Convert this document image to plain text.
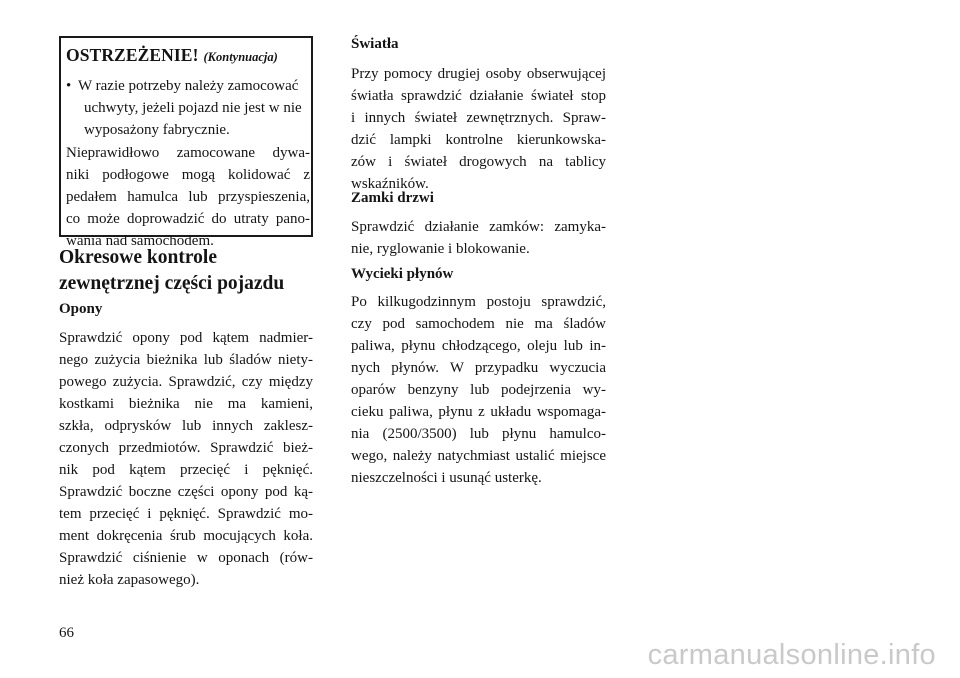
OSTRZEŻENIE! (Kontynuacja)
• W razie potrzeby należy zamocować
uchwyty, jeżeli pojazd nie jest w nie
wyposażony fabrycznie.
Nieprawidłowo zamocowane dywa-
niki podłogowe mogą kolidować z
pedałem hamulca lub przyspieszenia,
co może doprowadzić do utraty pano-
wania nad samochodem.
Okresowe kontrole
zewnętrznej części pojazdu
Opony
Sprawdzić opony pod kątem nadmier-
nego zużycia bieżnika lub śladów niety-
powego zużycia. Sprawdzić, czy między
kostkami bieżnika nie ma kamieni,
szkła, odprysków lub innych zaklesz-
czonych przedmiotów. Sprawdzić bież-
nik pod kątem przecięć i pęknięć.
Sprawdzić boczne części opony pod ką-
tem przecięć i pęknięć. Sprawdzić mo-
ment dokręcenia śrub mocujących koła.
Sprawdzić ciśnienie w oponach (rów-
nież koła zapasowego).
Światła
Przy pomocy drugiej osoby obserwującej
światła sprawdzić działanie świateł stop
i innych świateł zewnętrznych. Spraw-
dzić lampki kontrolne kierunkowska-
zów i świateł drogowych na tablicy
wskaźników.
Zamki drzwi
Sprawdzić działanie zamków: zamyka-
nie, ryglowanie i blokowanie.
Wycieki płynów
Po kilkugodzinnym postoju sprawdzić,
czy pod samochodem nie ma śladów
paliwa, płynu chłodzącego, oleju lub in-
nych płynów. W przypadku wyczucia
oparów benzyny lub podejrzenia wy-
cieku paliwa, płynu z układu wspomaga-
nia (2500/3500) lub płynu hamulco-
wego, należy natychmiast ustalić miejsce
nieszczelności i usunąć usterkę.
66
carmanualsonline.info
